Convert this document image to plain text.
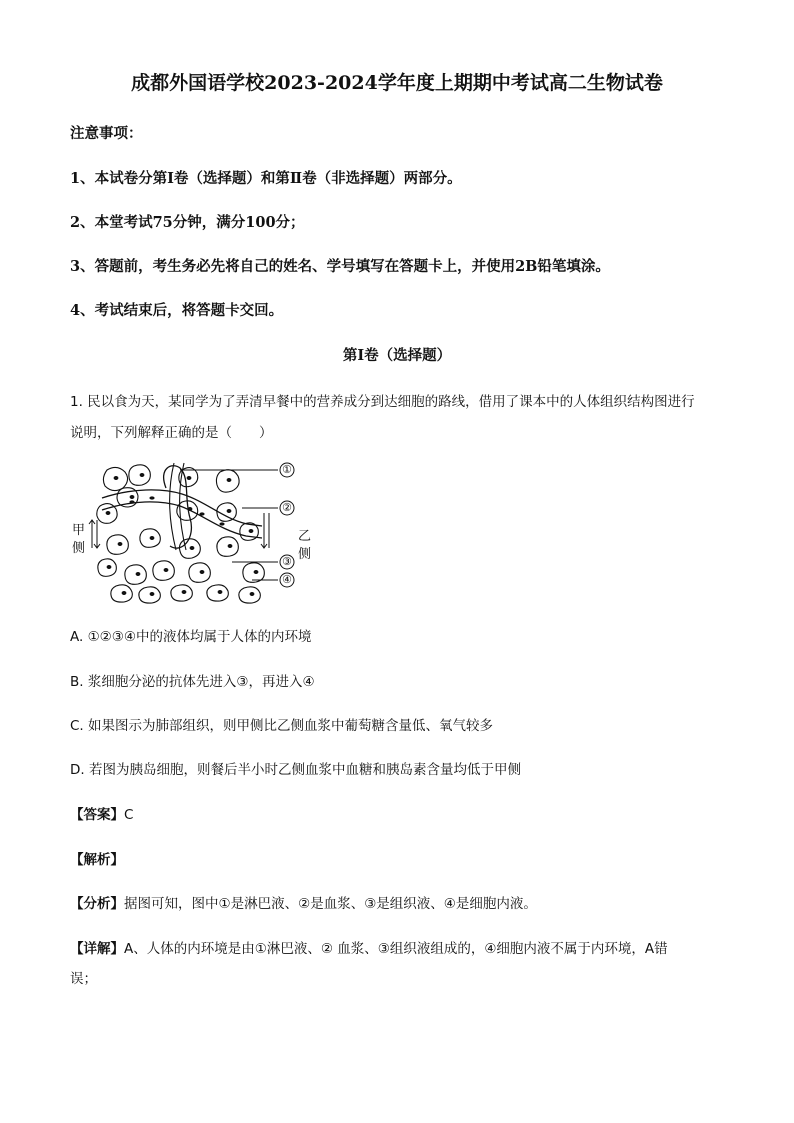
成都外国语学校2023-2024学年度上期期中考试高二生物试卷
注意事项：
1、本试卷分第Ⅰ卷（选择题）和第Ⅱ卷（非选择题）两部分。
2、本堂考试75分钟，满分100分；
3、答题前，考生务必先将自己的姓名、学号填写在答题卡上，并使用2B铅笔填涂。
4、考试结束后，将答题卡交回。
第Ⅰ卷（选择题）
1. 民以食为天，某同学为了弄清早餐中的营养成分到达细胞的路线，借用了课本中的人体组织结构图进行
说明，下列解释正确的是（　　）
甲
侧
乙
侧
①
②
③
④
A. ①②③④中的液体均属于人体的内环境
B. 浆细胞分泌的抗体先进入③，再进入④
C. 如果图示为肺部组织，则甲侧比乙侧血浆中葡萄糖含量低、氧气较多
D. 若图为胰岛细胞，则餐后半小时乙侧血浆中血糖和胰岛素含量均低于甲侧
【答案】C
【解析】
【分析】据图可知，图中①是淋巴液、②是血浆、③是组织液、④是细胞内液。
【详解】A、人体的内环境是由①淋巴液、② 血浆、③组织液组成的，④细胞内液不属于内环境，A错
误；
